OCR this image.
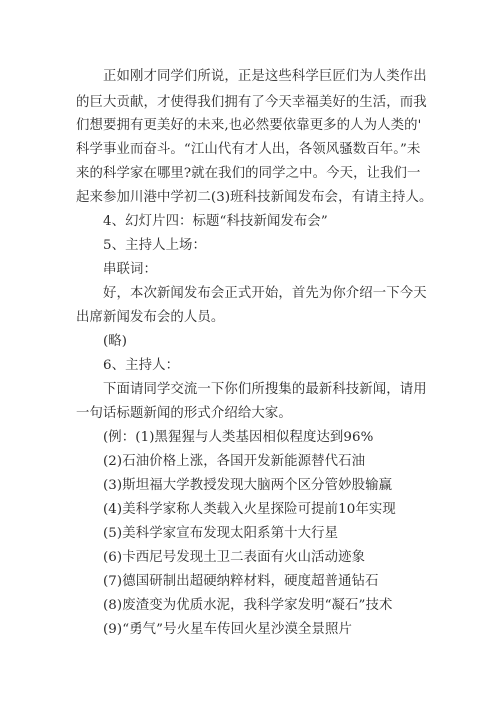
　　正如刚才同学们所说，正是这些科学巨匠们为人类作出
的巨大贡献，才使得我们拥有了今天幸福美好的生活，而我
们想要拥有更美好的未来,也必然要依靠更多的人为人类的'
科学事业而奋斗。“江山代有才人出，各领风骚数百年。”未
来的科学家在哪里?就在我们的同学之中。今天，让我们一
起来参加川港中学初二(3)班科技新闻发布会，有请主持人。
　　4、幻灯片四：标题“科技新闻发布会”
　　5、主持人上场：
　　串联词：
　　好，本次新闻发布会正式开始，首先为你介绍一下今天
出席新闻发布会的人员。
　　(略)
　　6、主持人：
　　下面请同学交流一下你们所搜集的最新科技新闻，请用
一句话标题新闻的形式介绍给大家。
　　(例：(1)黑猩猩与人类基因相似程度达到96%
　　(2)石油价格上涨，各国开发新能源替代石油
　　(3)斯坦福大学教授发现大脑两个区分管妙股输赢
　　(4)美科学家称人类载入火星探险可提前10年实现
　　(5)美科学家宣布发现太阳系第十大行星
　　(6)卡西尼号发现土卫二表面有火山活动迹象
　　(7)德国研制出超硬纳粹材料，硬度超普通钻石
　　(8)废渣变为优质水泥，我科学家发明“凝石”技术
　　(9)“勇气”号火星车传回火星沙漠全景照片
